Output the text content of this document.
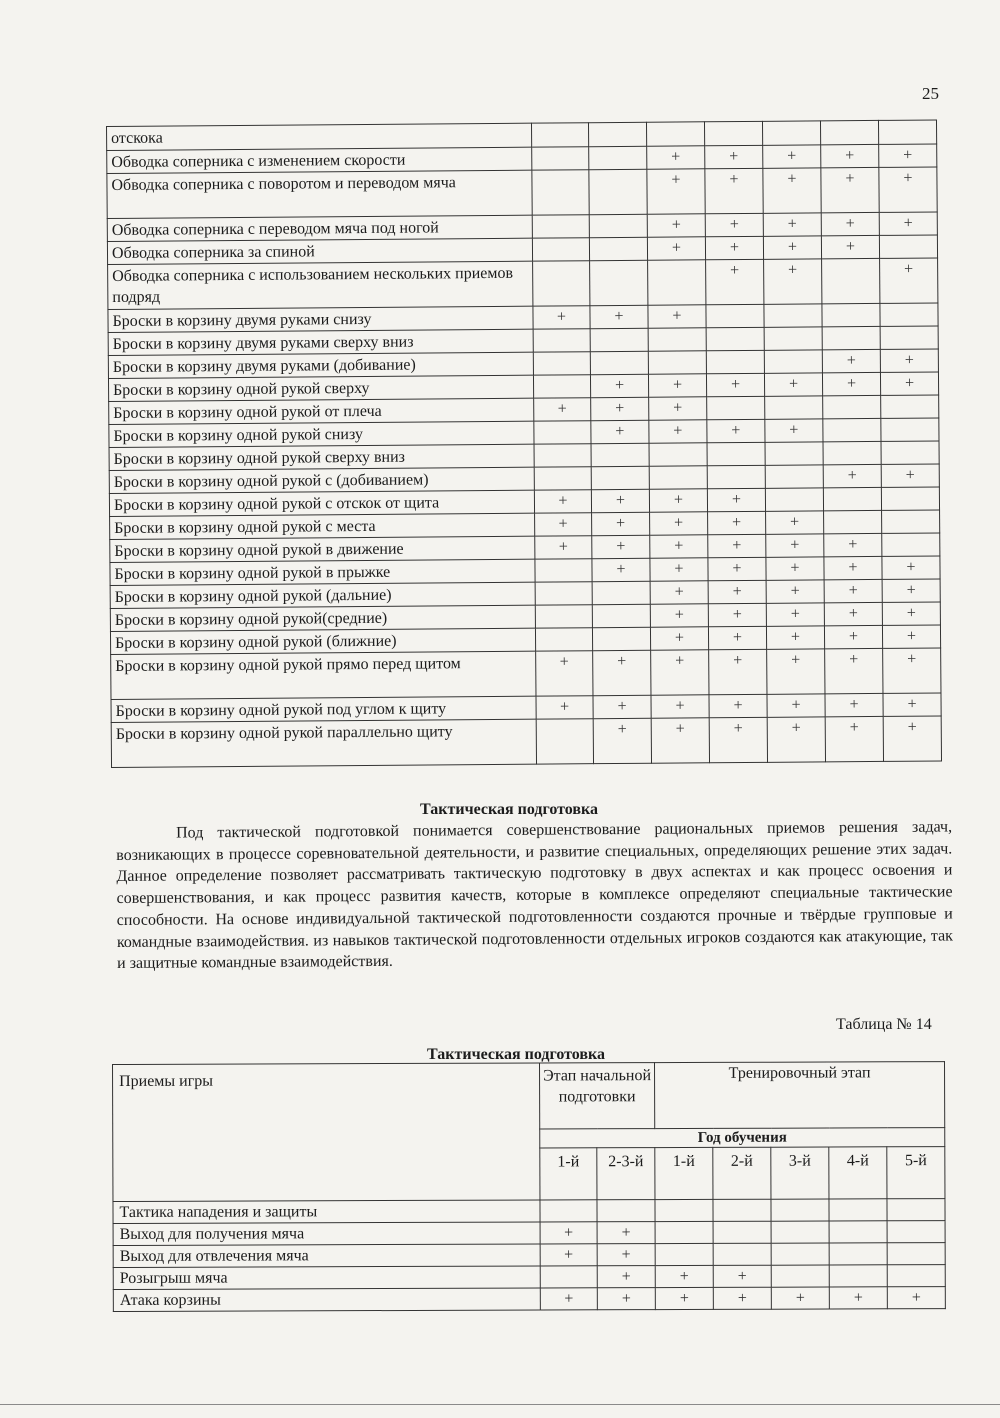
25
отскока							
Обводка соперника с изменением скорости			+	+	+	+	+
Обводка соперника с поворотом и переводом мяча			+	+	+	+	+
Обводка соперника с переводом мяча под ногой			+	+	+	+	+
Обводка соперника за спиной			+	+	+	+	
Обводка соперника с использованием нескольких приемов подряд				+	+		+
Броски в корзину двумя руками снизу	+	+	+				
Броски в корзину двумя руками сверху вниз							
Броски в корзину двумя руками (добивание)						+	+
Броски в корзину одной рукой сверху		+	+	+	+	+	+
Броски в корзину одной рукой от плеча	+	+	+				
Броски в корзину одной рукой снизу		+	+	+	+		
Броски в корзину одной рукой сверху вниз							
Броски в корзину одной рукой с (добиванием)						+	+
Броски в корзину одной рукой с отскок от щита	+	+	+	+			
Броски в корзину одной рукой с места	+	+	+	+	+		
Броски в корзину одной рукой в движение	+	+	+	+	+	+	
Броски в корзину одной рукой в прыжке		+	+	+	+	+	+
Броски в корзину одной рукой (дальние)			+	+	+	+	+
Броски в корзину одной рукой(средние)			+	+	+	+	+
Броски в корзину одной рукой (ближние)			+	+	+	+	+
Броски в корзину одной рукой прямо перед щитом	+	+	+	+	+	+	+
Броски в корзину одной рукой под углом к щиту	+	+	+	+	+	+	+
Броски в корзину одной рукой параллельно щиту		+	+	+	+	+	+
Тактическая подготовка
Под тактической подготовкой понимается совершенствование рациональных приемов решения задач, возникающих в процессе соревновательной деятельности, и развитие специальных, определяющих решение этих задач. Данное определение позволяет рассматривать тактическую подготовку в двух аспектах и как процесс освоения и совершенствования, и как процесс развития качеств, которые в комплексе определяют специальные тактические способности. На основе индивидуальной тактической подготовленности создаются прочные и твёрдые групповые и командные взаимодействия. из навыков тактической подготовленности отдельных игроков создаются как атакующие, так и защитные командные взаимодействия.
Таблица № 14
Тактическая подготовка
Приемы игры	Этап начальной подготовки		Тренировочный этап				
	Год обучения						
	1-й	2-3-й	1-й	2-й	3-й	4-й	5-й
Тактика нападения и защиты							
Выход для получения мяча	+	+					
Выход для отвлечения мяча	+	+					
Розыгрыш мяча		+	+	+			
Атака корзины	+	+	+	+	+	+	+
